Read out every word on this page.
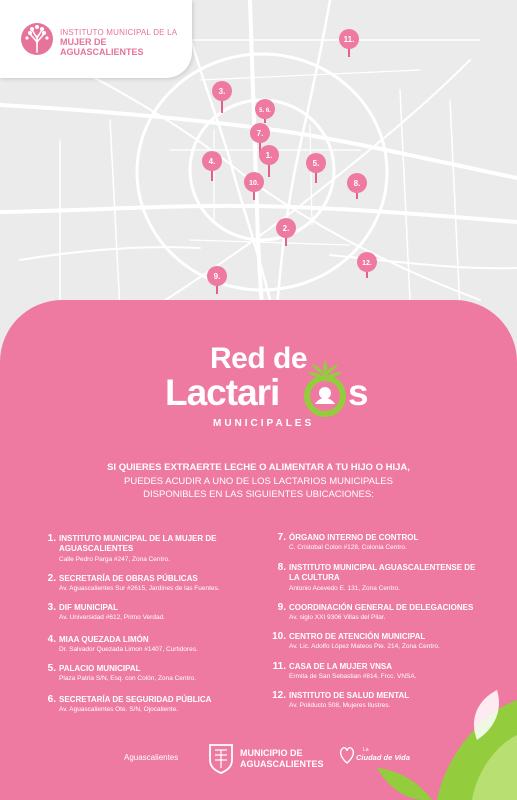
11.
3.
5. 6.
7.
1.
4.	5.
10.	8.
2.
12.
9.
INSTITUTO MUNICIPAL DE LA
MUJER DE
AGUASCALIENTES
Red de
Lactari s
MUNICIPALES
SI QUIERES EXTRAERTE LECHE O ALIMENTAR A TU HIJO O HIJA,
PUEDES ACUDIR A UNO DE LOS LACTARIOS MUNICIPALES
DISPONIBLES EN LAS SIGUIENTES UBICACIONES:
1. INSTITUTO MUNICIPAL DE LA MUJER DE
AGUASCALIENTES
Calle Pedro Parga #247, Zona Centro.
2. SECRETARÍA DE OBRAS PÚBLICAS
Av. Aguascalientes Sur #2615, Jardines de las Fuentes.
3. DIF MUNICIPAL
Av. Universidad #612, Primo Verdad.
4. MIAA QUEZADA LIMÓN
Dr. Salvador Quezada Limon #1407, Curtidores.
5. PALACIO MUNICIPAL
Plaza Patria S/N, Esq. con Colón, Zona Centro.
6. SECRETARÍA DE SEGURIDAD PÚBLICA
Av. Aguascalientes Ote. S/N, Ojocaliente.
7. ÓRGANO INTERNO DE CONTROL
C. Cristobal Colon #128, Colonia Centro.
8. INSTITUTO MUNICIPAL AGUASCALENTENSE DE
LA CULTURA
Antonio Acevedo E. 131, Zona Centro.
9. COORDINACIÓN GENERAL DE DELEGACIONES
Av. siglo XXI 9306 Villas del Pilar.
10. CENTRO DE ATENCIÓN MUNICIPAL
Av. Lic. Adolfo López Mateos Pte. 214, Zona Centro.
11. CASA DE LA MUJER VNSA
Ermita de San Sebastian #814, Frcc. VNSA.
12. INSTITUTO DE SALUD MENTAL
Av. Poliducto 508, Mujeres Ilustres.
Aguascalientes	MUNICIPIO DE
AGUASCALIENTES
La
Ciudad de Vida
